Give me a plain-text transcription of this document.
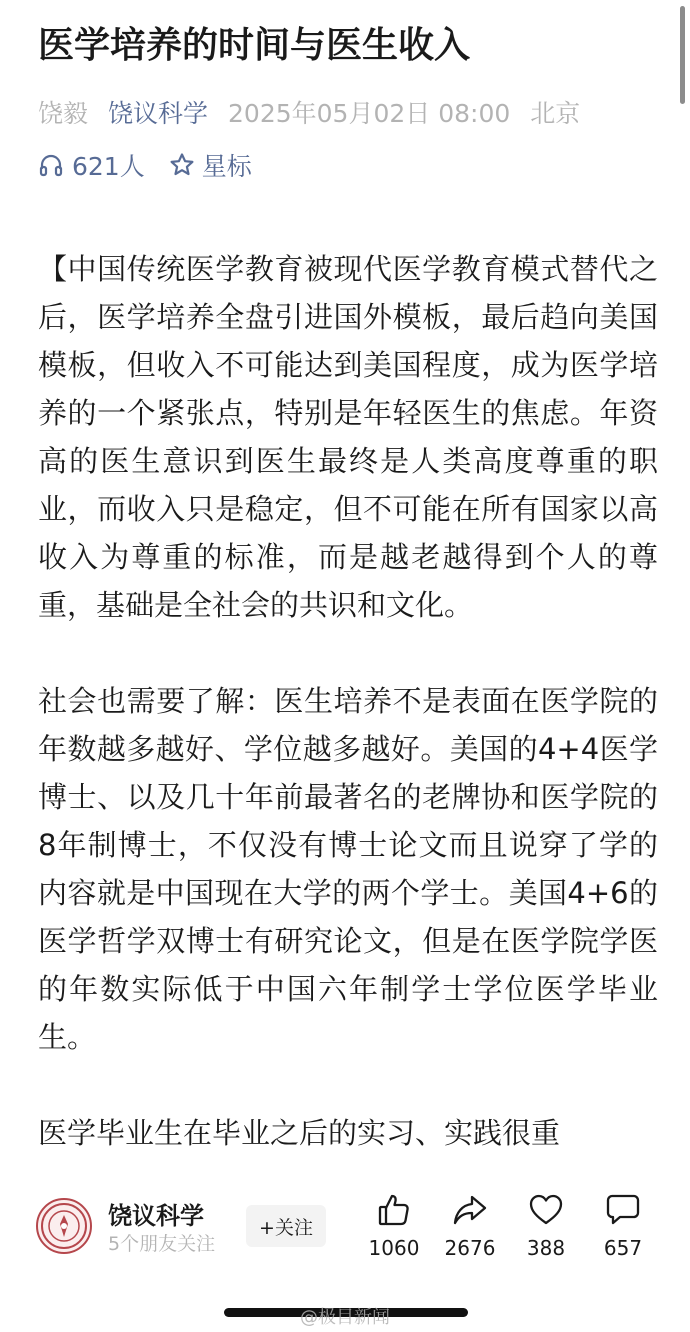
医学培养的时间与医生收入
饶毅 饶议科学 2025年05月02日 08:00 北京
621人 星标

【中国传统医学教育被现代医学教育模式替代之后，医学培养全盘引进国外模板，最后趋向美国模板，但收入不可能达到美国程度，成为医学培养的一个紧张点，特别是年轻医生的焦虑。年资高的医生意识到医生最终是人类高度尊重的职业，而收入只是稳定，但不可能在所有国家以高收入为尊重的标准，而是越老越得到个人的尊重，基础是全社会的共识和文化。

社会也需要了解：医生培养不是表面在医学院的年数越多越好、学位越多越好。美国的4+4医学博士、以及几十年前最著名的老牌协和医学院的8年制博士，不仅没有博士论文而且说穿了学的内容就是中国现在大学的两个学士。美国4+6的医学哲学双博士有研究论文，但是在医学院学医的年数实际低于中国六年制学士学位医学毕业生。

医学毕业生在毕业之后的实习、实践很重

饶议科学
5个朋友关注
+关注
1060 2676 388 657
@极目新闻
